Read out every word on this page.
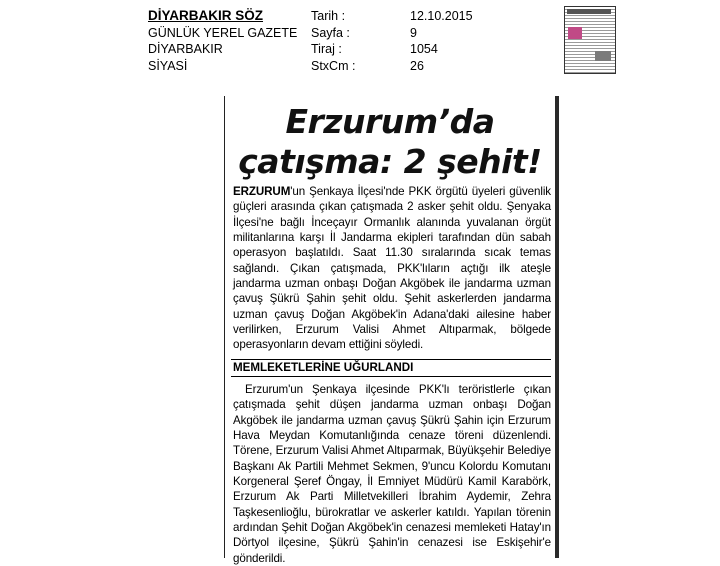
DİYARBAKIR SÖZ	Tarih :	12.10.2015
GÜNLÜK YEREL GAZETE	Sayfa :	9
DİYARBAKIR	Tiraj :	1054
SİYASİ	StxCm :	26
Erzurum’da
çatışma: 2 şehit!
ERZURUM'un Şenkaya İlçesi'nde PKK örgütü üyeleri güvenlik güçleri arasında çıkan çatışmada 2 asker şehit oldu. Şenyaka İlçesi'ne bağlı İnceçayır Ormanlık alanında yuvalanan örgüt militanlarına karşı İl Jandarma ekipleri tarafından dün sabah operasyon başlatıldı. Saat 11.30 sıralarında sıcak temas sağlandı. Çıkan çatışmada, PKK'lıların açtığı ilk ateşle jandarma uzman onbaşı Doğan Akgöbek ile jandarma uzman çavuş Şükrü Şahin şehit oldu. Şehit askerlerden jandarma uzman çavuş Doğan Akgöbek'in Adana'daki ailesine haber verilirken, Erzurum Valisi Ahmet Altıparmak, bölgede operasyonların devam ettiğini söyledi.
MEMLEKETLERİNE UĞURLANDI
Erzurum'un Şenkaya ilçesinde PKK'lı teröristlerle çıkan çatışmada şehit düşen jandarma uzman onbaşı Doğan Akgöbek ile jandarma uzman çavuş Şükrü Şahin için Erzurum Hava Meydan Komutanlığında cenaze töreni düzenlendi. Törene, Erzurum Valisi Ahmet Altıparmak, Büyükşehir Belediye Başkanı Ak Partili Mehmet Sekmen, 9'uncu Kolordu Komutanı Korgeneral Şeref Öngay, İl Emniyet Müdürü Kamil Karabörk, Erzurum Ak Parti Milletvekilleri İbrahim Aydemir, Zehra Taşkesenlioğlu, bürokratlar ve askerler katıldı. Yapılan törenin ardından Şehit Doğan Akgöbek'in cenazesi memleketi Hatay'ın Dörtyol ilçesine, Şükrü Şahin'in cenazesi ise Eskişehir'e gönderildi.
